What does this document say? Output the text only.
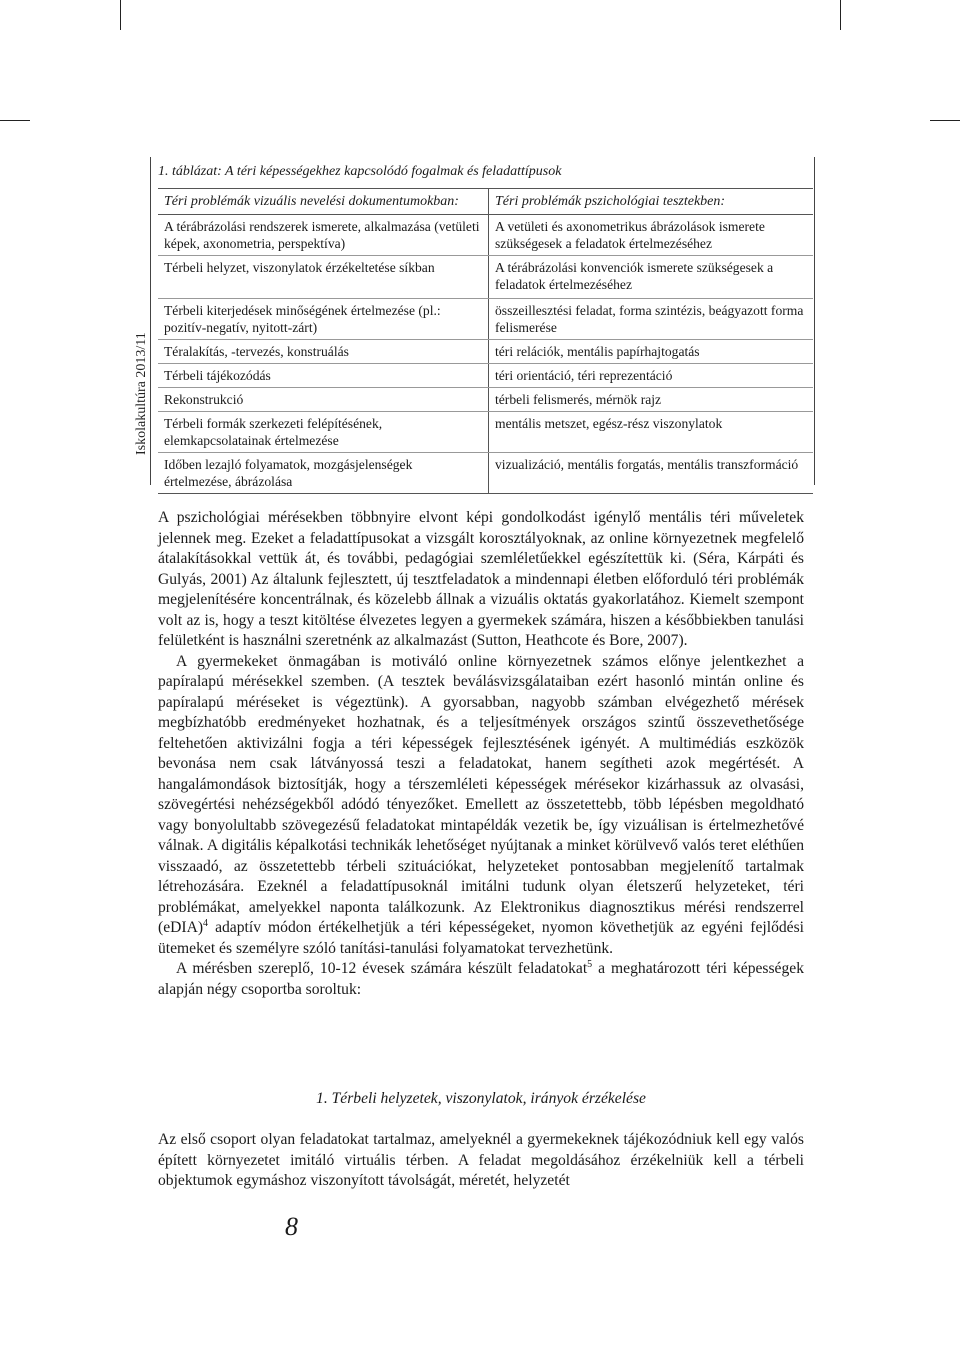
Iskolakultúra 2013/11
1. táblázat: A téri képességekhez kapcsolódó fogalmak és feladattípusok
Téri problémák vizuális nevelési dokumentumokban:	Téri problémák pszichológiai tesztekben:
A térábrázolási rendszerek ismerete, alkalmazása (vetületi képek, axonometria, perspektíva)	A vetületi és axonometrikus ábrázolások ismerete szükségesek a feladatok értelmezéséhez
Térbeli helyzet, viszonylatok érzékeltetése síkban	A térábrázolási konvenciók ismerete szükségesek a feladatok értelmezéséhez
Térbeli kiterjedések minőségének értelmezése (pl.: pozitív-negatív, nyitott-zárt)	összeillesztési feladat, forma szintézis, beágyazott forma felismerése
Téralakítás, -tervezés, konstruálás	téri relációk, mentális papírhajtogatás
Térbeli tájékozódás	téri orientáció, téri reprezentáció
Rekonstrukció	térbeli felismerés, mérnök rajz
Térbeli formák szerkezeti felépítésének, elemkapcsolatainak értelmezése	mentális metszet, egész-rész viszonylatok
Időben lezajló folyamatok, mozgásjelenségek értelmezése, ábrázolása	vizualizáció, mentális forgatás, mentális transzformáció

A pszichológiai mérésekben többnyire elvont képi gondolkodást igénylő mentális téri műveletek jelennek meg. Ezeket a feladattípusokat a vizsgált korosztályoknak, az online környezetnek megfelelő átalakításokkal vettük át, és további, pedagógiai szemléletűekkel egészítettük ki. (Séra, Kárpáti és Gulyás, 2001) Az általunk fejlesztett, új tesztfeladatok a mindennapi életben előforduló téri problémák megjelenítésére koncentrálnak, és közelebb állnak a vizuális oktatás gyakorlatához. Kiemelt szempont volt az is, hogy a teszt kitöltése élvezetes legyen a gyermekek számára, hiszen a későbbiekben tanulási felületként is használni szeretnénk az alkalmazást (Sutton, Heathcote és Bore, 2007).

A gyermekeket önmagában is motiváló online környezetnek számos előnye jelentkezhet a papíralapú mérésekkel szemben. (A tesztek beválásvizsgálataiban ezért hasonló mintán online és papíralapú méréseket is végeztünk). A gyorsabban, nagyobb számban elvégezhető mérések megbízhatóbb eredményeket hozhatnak, és a teljesítmények országos szintű összevethetősége feltehetően aktivizálni fogja a téri képességek fejlesztésének igényét. A multimédiás eszközök bevonása nem csak látványossá teszi a feladatokat, hanem segítheti azok megértését. A hangalámondások biztosítják, hogy a térszemléleti képességek mérésekor kizárhassuk az olvasási, szövegértési nehézségekből adódó tényezőket. Emellett az összetettebb, több lépésben megoldható vagy bonyolultabb szövegezésű feladatokat mintapéldák vezetik be, így vizuálisan is értelmezhetővé válnak. A digitális képalkotási technikák lehetőséget nyújtanak a minket körülvevő valós teret eléthűen visszaadó, az összetettebb térbeli szituációkat, helyzeteket pontosabban megjelenítő tartalmak létrehozására. Ezeknél a feladattípusoknál imitálni tudunk olyan életszerű helyzeteket, téri problémákat, amelyekkel naponta találkozunk. Az Elektronikus diagnosztikus mérési rendszerrel (eDIA)$^4$ adaptív módon értékelhetjük a téri képességeket, nyomon követhetjük az egyéni fejlődési ütemeket és személyre szóló tanítási-tanulási folyamatokat tervezhetünk.

A mérésben szereplő, 10-12 évesek számára készült feladatokat$^5$ a meghatározott téri képességek alapján négy csoportba soroltuk:

1. Térbeli helyzetek, viszonylatok, irányok érzékelése

Az első csoport olyan feladatokat tartalmaz, amelyeknél a gyermekeknek tájékozódniuk kell egy valós épített környezetet imitáló virtuális térben. A feladat megoldásához érzékelniük kell a térbeli objektumok egymáshoz viszonyított távolságát, méretét, helyzetét

8
